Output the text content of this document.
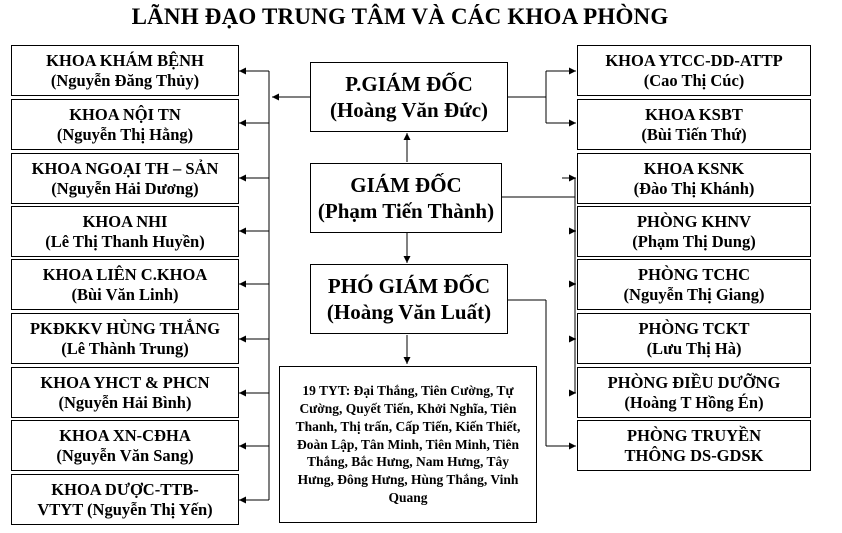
LÃNH ĐẠO TRUNG TÂM VÀ CÁC KHOA PHÒNG
P.GIÁM ĐỐC
(Hoàng Văn Đức)
GIÁM ĐỐC
(Phạm Tiến Thành)
PHÓ GIÁM ĐỐC
(Hoàng Văn Luất)
19 TYT: Đại Thắng, Tiên Cường, Tự Cường, Quyết Tiến, Khởi Nghĩa, Tiên Thanh, Thị trấn, Cấp Tiến, Kiến Thiết, Đoàn Lập, Tân Minh, Tiên Minh, Tiên Thắng, Bắc Hưng, Nam Hưng, Tây Hưng, Đông Hưng, Hùng Thắng, Vinh Quang
KHOA KHÁM BỆNH
(Nguyễn Đăng Thủy)
KHOA NỘI TN
(Nguyễn Thị Hằng)
KHOA NGOẠI TH – SẢN
(Nguyễn Hải Dương)
KHOA NHI
(Lê Thị Thanh Huyền)
KHOA LIÊN C.KHOA
(Bùi Văn Linh)
PKĐKKV HÙNG THẮNG
(Lê Thành Trung)
KHOA YHCT & PHCN
(Nguyễn Hải Bình)
KHOA XN-CĐHA
(Nguyễn Văn Sang)
KHOA DƯỢC-TTB-
VTYT (Nguyễn Thị Yến)
KHOA YTCC-DD-ATTP
(Cao Thị Cúc)
KHOA KSBT
(Bùi Tiến Thứ)
KHOA KSNK
(Đào Thị Khánh)
PHÒNG KHNV
(Phạm Thị Dung)
PHÒNG TCHC
(Nguyễn Thị Giang)
PHÒNG TCKT
(Lưu Thị Hà)
PHÒNG ĐIỀU DƯỠNG
(Hoàng T Hồng Én)
PHÒNG TRUYỀN
THÔNG DS-GDSK
